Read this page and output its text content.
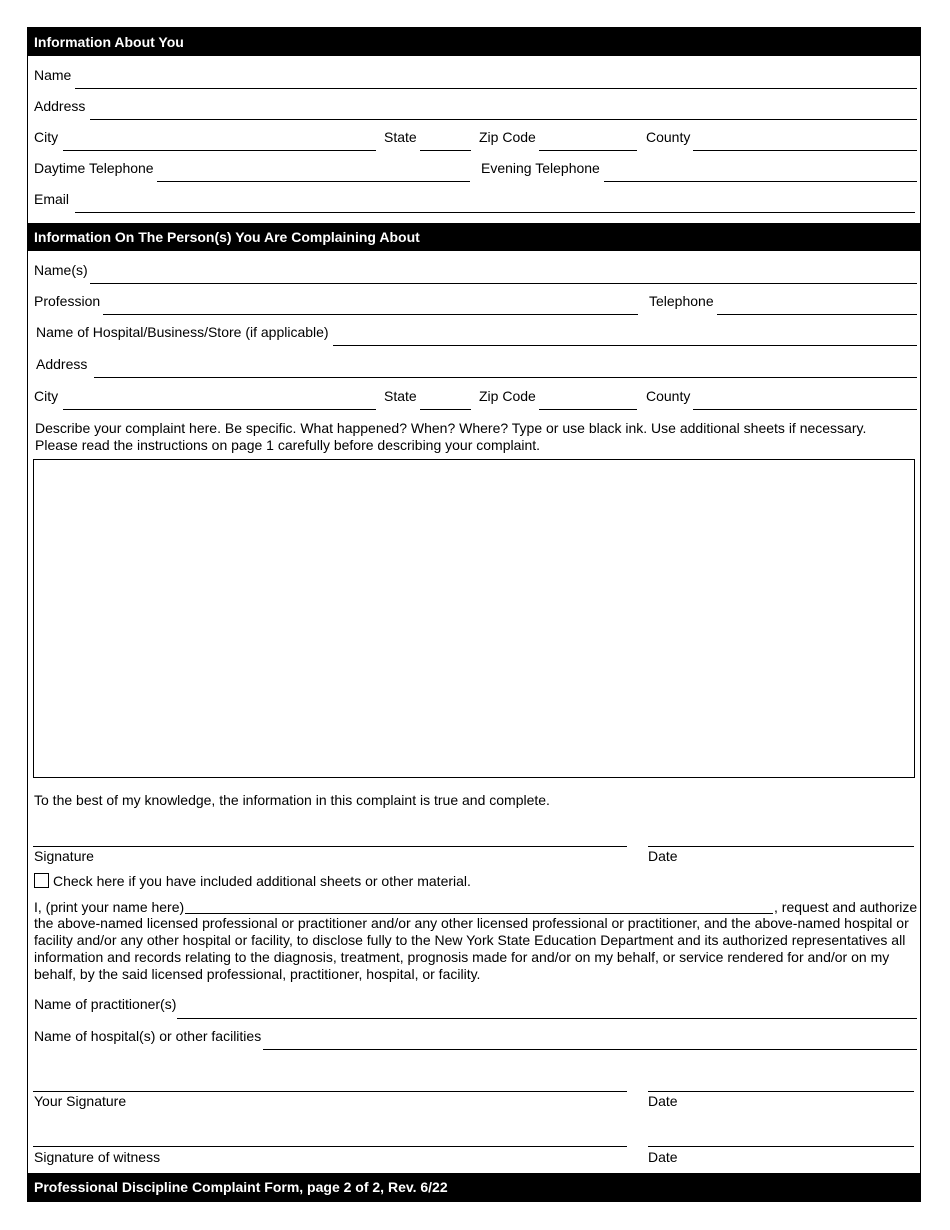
Information About You
Name
Address
City	State	Zip Code	County
Daytime Telephone	Evening Telephone
Email
Information On The Person(s) You Are Complaining About
Name(s)
Profession	Telephone
Name of Hospital/Business/Store (if applicable)
Address
City	State	Zip Code	County
Describe your complaint here. Be specific. What happened? When? Where? Type or use black ink. Use additional sheets if necessary.
Please read the instructions on page 1 carefully before describing your complaint.
To the best of my knowledge, the information in this complaint is true and complete.
Signature	Date
Check here if you have included additional sheets or other material.
I, (print your name here)	, request and authorize
the above-named licensed professional or practitioner and/or any other licensed professional or practitioner, and the above-named hospital or facility and/or any other hospital or facility, to disclose fully to the New York State Education Department and its authorized representatives all information and records relating to the diagnosis, treatment, prognosis made for and/or on my behalf, or service rendered for and/or on my behalf, by the said licensed professional, practitioner, hospital, or facility.
Name of practitioner(s)
Name of hospital(s) or other facilities
Your Signature	Date
Signature of witness	Date
Professional Discipline Complaint Form, page 2 of 2, Rev. 6/22
